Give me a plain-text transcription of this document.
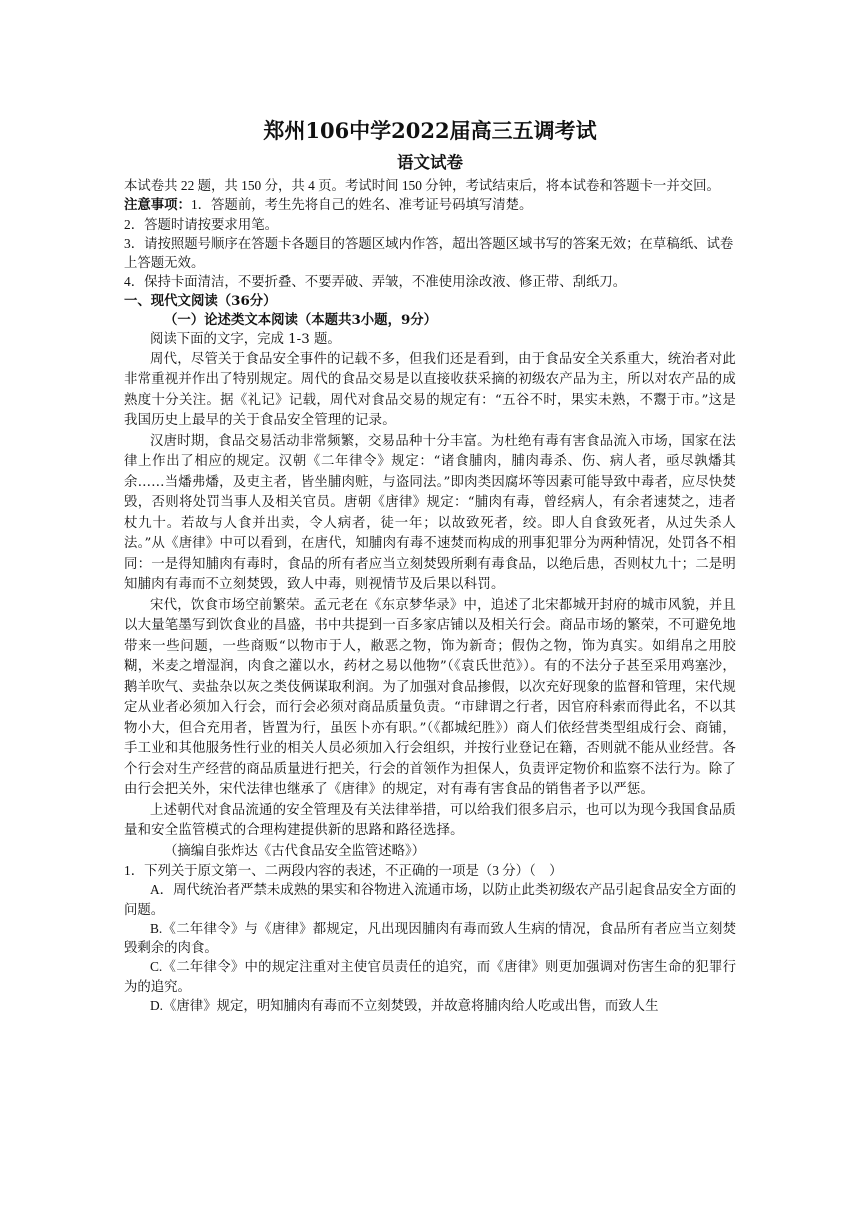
郑州106中学2022届高三五调考试

语文试卷

本试卷共 22 题，共 150 分，共 4 页。考试时间 150 分钟，考试结束后，将本试卷和答题卡一并交回。

注意事项：1．答题前，考生先将自己的姓名、准考证号码填写清楚。

2．答题时请按要求用笔。

3．请按照题号顺序在答题卡各题目的答题区域内作答，超出答题区域书写的答案无效；在草稿纸、试卷上答题无效。

4．保持卡面清洁，不要折叠、不要弄破、弄皱，不准使用涂改液、修正带、刮纸刀。

一、现代文阅读（36分）

（一）论述类文本阅读（本题共3小题，9分）

阅读下面的文字，完成 1-3 题。

周代，尽管关于食品安全事件的记载不多，但我们还是看到，由于食品安全关系重大，统治者对此非常重视并作出了特别规定。周代的食品交易是以直接收获采摘的初级农产品为主，所以对农产品的成熟度十分关注。据《礼记》记载，周代对食品交易的规定有：“五谷不时，果实未熟，不鬻于市。”这是我国历史上最早的关于食品安全管理的记录。

汉唐时期，食品交易活动非常频繁，交易品种十分丰富。为杜绝有毒有害食品流入市场，国家在法律上作出了相应的规定。汉朝《二年律令》规定：“诸食脯肉，脯肉毒杀、伤、病人者，亟尽孰燔其余……当燔弗燔，及吏主者，皆坐脯肉赃，与盗同法。”即肉类因腐坏等因素可能导致中毒者，应尽快焚毁，否则将处罚当事人及相关官员。唐朝《唐律》规定：“脯肉有毒，曾经病人，有余者速焚之，违者杖九十。若故与人食并出卖，令人病者，徒一年；以故致死者，绞。即人自食致死者，从过失杀人法。”从《唐律》中可以看到，在唐代，知脯肉有毒不速焚而构成的刑事犯罪分为两种情况，处罚各不相同：一是得知脯肉有毒时，食品的所有者应当立刻焚毁所剩有毒食品，以绝后患，否则杖九十；二是明知脯肉有毒而不立刻焚毁，致人中毒，则视情节及后果以科罚。

宋代，饮食市场空前繁荣。孟元老在《东京梦华录》中，追述了北宋都城开封府的城市风貌，并且以大量笔墨写到饮食业的昌盛，书中共提到一百多家店铺以及相关行会。商品市场的繁荣，不可避免地带来一些问题，一些商贩“以物市于人，敝恶之物，饰为新奇；假伪之物，饰为真实。如绢帛之用胶糊，米麦之增湿润，肉食之灌以水，药材之易以他物”（《袁氏世范》）。有的不法分子甚至采用鸡塞沙，鹅羊吹气、卖盐杂以灰之类伎俩谋取利润。为了加强对食品掺假，以次充好现象的监督和管理，宋代规定从业者必须加入行会，而行会必须对商品质量负责。“市肆谓之行者，因官府科索而得此名，不以其物小大，但合充用者，皆置为行，虽医卜亦有职。”（《都城纪胜》）商人们依经营类型组成行会、商铺，手工业和其他服务性行业的相关人员必须加入行会组织，并按行业登记在籍，否则就不能从业经营。各个行会对生产经营的商品质量进行把关，行会的首领作为担保人，负责评定物价和监察不法行为。除了由行会把关外，宋代法律也继承了《唐律》的规定，对有毒有害食品的销售者予以严惩。

上述朝代对食品流通的安全管理及有关法律举措，可以给我们很多启示，也可以为现今我国食品质量和安全监管模式的合理构建提供新的思路和路径选择。

（摘编自张炸达《古代食品安全监管述略》）

1．下列关于原文第一、二两段内容的表述，不正确的一项是（3 分）（　）

A．周代统治者严禁未成熟的果实和谷物进入流通市场，以防止此类初级农产品引起食品安全方面的问题。

B.《二年律令》与《唐律》都规定，凡出现因脯肉有毒而致人生病的情况，食品所有者应当立刻焚毁剩余的肉食。

C.《二年律令》中的规定注重对主使官员责任的追究，而《唐律》则更加强调对伤害生命的犯罪行为的追究。

D.《唐律》规定，明知脯肉有毒而不立刻焚毁，并故意将脯肉给人吃或出售，而致人生
